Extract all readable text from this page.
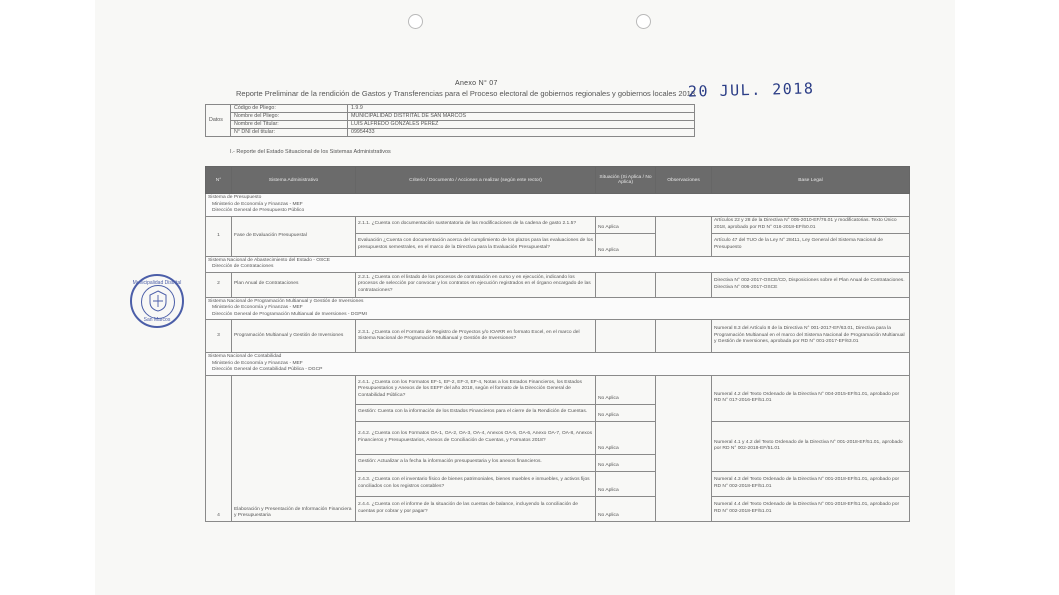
Anexo N° 07
Reporte Preliminar de la rendición de Gastos y Transferencias para el Proceso electoral de gobiernos regionales y gobiernos locales 2018
20 JUL. 2018
Datos	Código de Pliego:	1.9.9
	Nombre del Pliego:	MUNICIPALIDAD DISTRITAL DE SAN MARCOS
	Nombre del Titular:	LUIS ALFREDO GONZALES PEREZ
	N° DNI del titular:	09954433
I.- Reporte del Estado Situacional de los Sistemas Administrativos
N°	Sistema Administrativo	Criterio / Documento / Acciones a realizar (según ente rector)	Situación (Si Aplica / No Aplica)	Observaciones	Base Legal

Sistema de Presupuesto
Ministerio de Economía y Finanzas - MEF
Dirección General de Presupuesto Público					

1	Fase de Evaluación Presupuestal	2.1.1. ¿Cuenta con documentación sustentatoria de las modificaciones de la cadena de gasto 2.1.5?	No Aplica		Artículos 22 y 28 de la Directiva N° 005-2010-EF/76.01 y modificatorias. Texto Único 2018, aprobado por RD N° 016-2018-EF/50.01
		Evaluación ¿Cuenta con documentación acerca del cumplimiento de los plazos para las evaluaciones de los presupuestos semestrales, en el marco de la Directiva para la Evaluación Presupuestal?	No Aplica		Artículo 47 del TUO de la Ley N° 28411, Ley General del Sistema Nacional de Presupuesto

Sistema Nacional de Abastecimiento del Estado - OSCE
Dirección de Contrataciones					

2	Plan Anual de Contrataciones	2.2.1. ¿Cuenta con el listado de los procesos de contratación en curso y en ejecución, indicando los procesos de selección por convocar y los contratos en ejecución registrados en el órgano encargado de las contrataciones?			Directiva N° 002-2017-OSCE/CD, Disposiciones sobre el Plan Anual de Contrataciones. Directiva N° 006-2017-OSCE

Sistema Nacional de Programación Multianual y Gestión de Inversiones
Ministerio de Economía y Finanzas - MEF
Dirección General de Programación Multianual de Inversiones - DGPMI					

3	Programación Multianual y Gestión de Inversiones	2.3.1. ¿Cuenta con el Formato de Registro de Proyectos y/o IOARR en formato Excel, en el marco del Sistema Nacional de Programación Multianual y Gestión de Inversiones?			Numeral 8.3 del Artículo 8 de la Directiva N° 001-2017-EF/63.01, Directiva para la Programación Multianual en el marco del Sistema Nacional de Programación Multianual y Gestión de Inversiones, aprobada por RD N° 001-2017-EF/63.01

Sistema Nacional de Contabilidad
Ministerio de Economía y Finanzas - MEF
Dirección General de Contabilidad Pública - DGCP					

4	Elaboración y Presentación de Información Financiera y Presupuestaria	2.4.1. ¿Cuenta con los Formatos EF-1, EF-2, EF-3, EF-4, Notas a los Estados Financieros, los Estados Presupuestarios y Anexos de los EEFF del año 2018, según el formato de la Dirección General de Contabilidad Pública?	No Aplica		Numeral 4.2 del Texto Ordenado de la Directiva N° 004-2015-EF/51.01, aprobado por RD N° 017-2016-EF/51.01
		Gestión: Cuenta con la información de los Estados Financieros para el cierre de la Rendición de Cuentas.	No Aplica		
		2.4.2. ¿Cuenta con los Formatos OA-1, OA-2, OA-3, OA-4, Anexos OA-5, OA-6, Anexo OA-7, OA-8, Anexos Financieros y Presupuestarios, Anexos de Conciliación de Cuentas, y Formatos 2018?	No Aplica		Numeral 4.1 y 4.2 del Texto Ordenado de la Directiva N° 001-2018-EF/51.01, aprobado por RD N° 002-2018-EF/51.01
		Gestión: Actualizar a la fecha la información presupuestaria y los anexos financieros.	No Aplica		
		2.4.3. ¿Cuenta con el inventario físico de bienes patrimoniales, bienes muebles e inmuebles, y activos fijos conciliados con los registros contables?	No Aplica		Numeral 4.3 del Texto Ordenado de la Directiva N° 001-2018-EF/51.01, aprobado por RD N° 002-2018-EF/51.01
		2.4.4. ¿Cuenta con el informe de la situación de las cuentas de balance, incluyendo la conciliación de cuentas por cobrar y por pagar?	No Aplica		Numeral 4.4 del Texto Ordenado de la Directiva N° 001-2018-EF/51.01, aprobado por RD N° 002-2018-EF/51.01
Municipalidad Distrital
San Marcos
